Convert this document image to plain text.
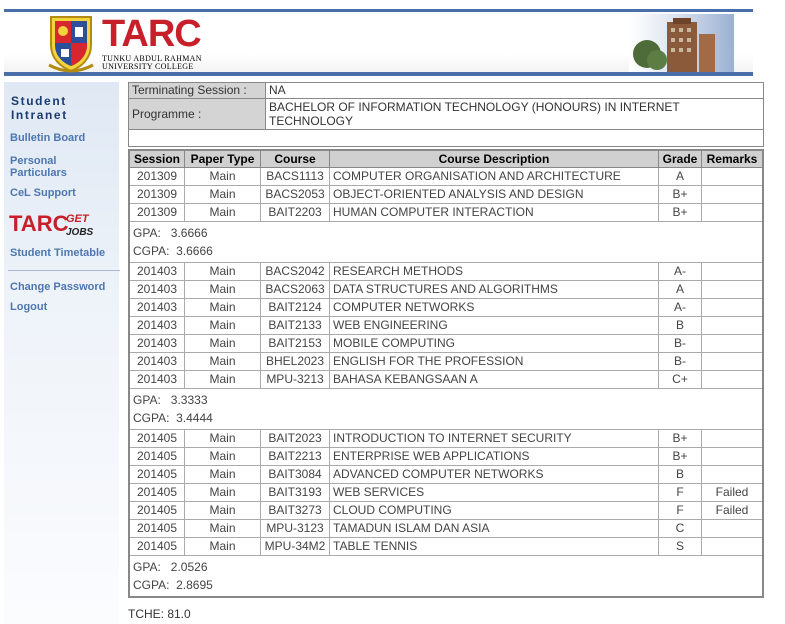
TARC
TUNKU ABDUL RAHMAN
UNIVERSITY COLLEGE
Student
Intranet
Bulletin Board
Personal Particulars
CeL Support
TARC
GET
JOBS
Student Timetable
Change Password
Logout
Terminating Session :	NA
Programme :	BACHELOR OF INFORMATION TECHNOLOGY (HONOURS) IN INTERNET TECHNOLOGY

Session	Paper Type	Course	Course Description	Grade	Remarks
201309	Main	BACS1113	COMPUTER ORGANISATION AND ARCHITECTURE	A	
201309	Main	BACS2053	OBJECT-ORIENTED ANALYSIS AND DESIGN	B+	
201309	Main	BAIT2203	HUMAN COMPUTER INTERACTION	B+	

GPA:   3.6666
CGPA:  3.6666					

201403	Main	BACS2042	RESEARCH METHODS	A-	
201403	Main	BACS2063	DATA STRUCTURES AND ALGORITHMS	A	
201403	Main	BAIT2124	COMPUTER NETWORKS	A-	
201403	Main	BAIT2133	WEB ENGINEERING	B	
201403	Main	BAIT2153	MOBILE COMPUTING	B-	
201403	Main	BHEL2023	ENGLISH FOR THE PROFESSION	B-	
201403	Main	MPU-3213	BAHASA KEBANGSAAN A	C+	

GPA:   3.3333
CGPA:  3.4444					

201405	Main	BAIT2023	INTRODUCTION TO INTERNET SECURITY	B+	
201405	Main	BAIT2213	ENTERPRISE WEB APPLICATIONS	B+	
201405	Main	BAIT3084	ADVANCED COMPUTER NETWORKS	B	
201405	Main	BAIT3193	WEB SERVICES	F	Failed
201405	Main	BAIT3273	CLOUD COMPUTING	F	Failed
201405	Main	MPU-3123	TAMADUN ISLAM DAN ASIA	C	
201405	Main	MPU-34M2	TABLE TENNIS	S	

GPA:   2.0526
CGPA:  2.8695					
TCHE: 81.0
